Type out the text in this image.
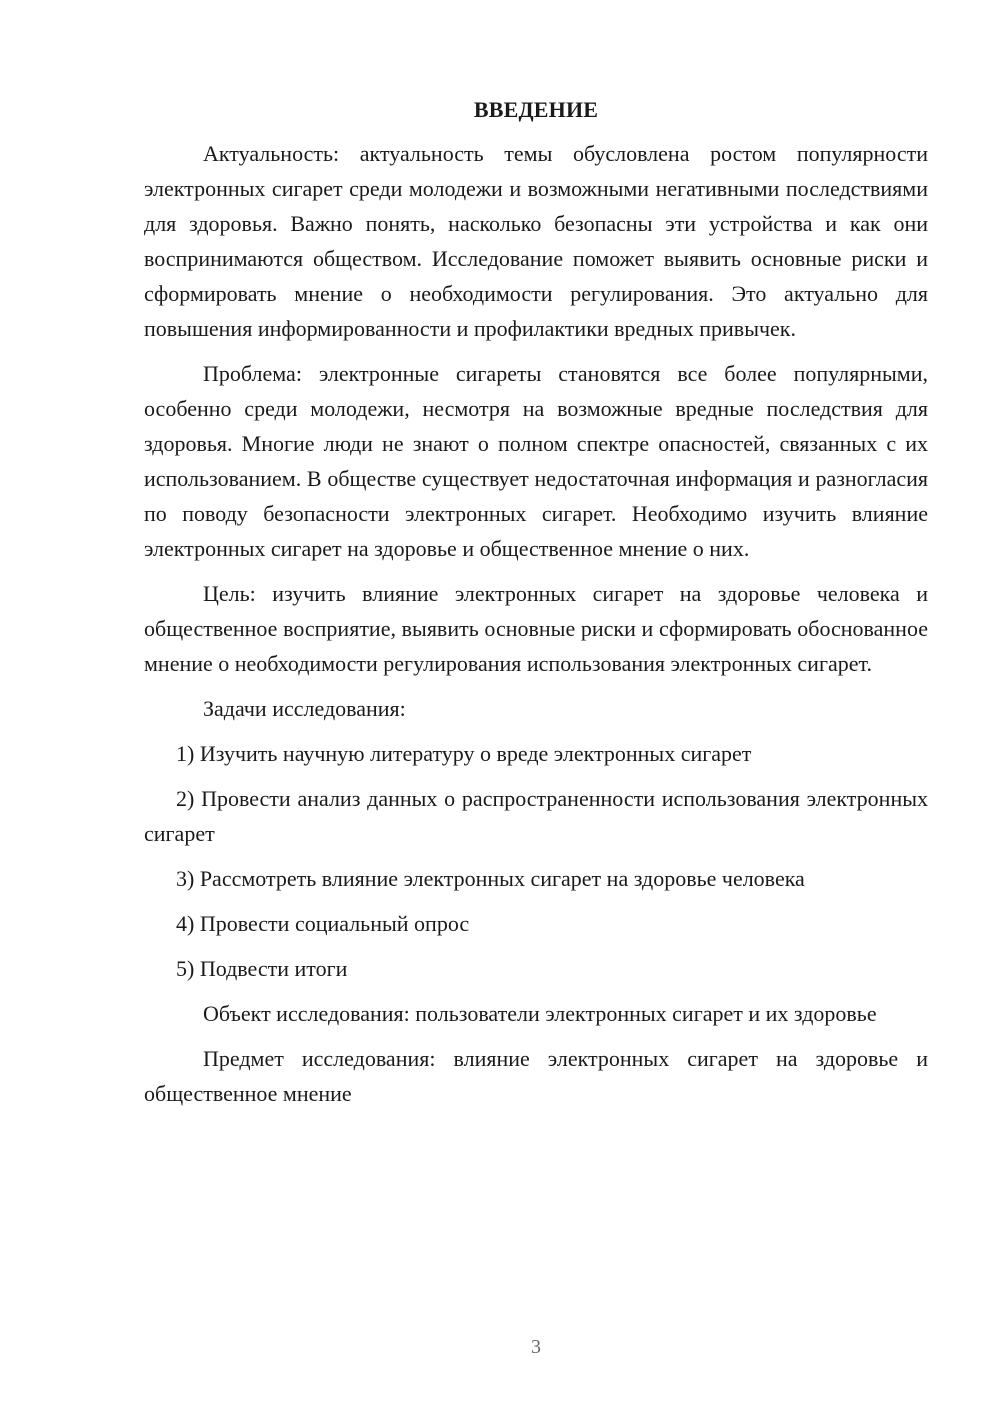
ВВЕДЕНИЕ

Актуальность: актуальность темы обусловлена ростом популярности электронных сигарет среди молодежи и возможными негативными последствиями для здоровья. Важно понять, насколько безопасны эти устройства и как они воспринимаются обществом. Исследование поможет выявить основные риски и сформировать мнение о необходимости регулирования. Это актуально для повышения информированности и профилактики вредных привычек.

Проблема: электронные сигареты становятся все более популярными, особенно среди молодежи, несмотря на возможные вредные последствия для здоровья. Многие люди не знают о полном спектре опасностей, связанных с их использованием. В обществе существует недостаточная информация и разногласия по поводу безопасности электронных сигарет. Необходимо изучить влияние электронных сигарет на здоровье и общественное мнение о них.

Цель: изучить влияние электронных сигарет на здоровье человека и общественное восприятие, выявить основные риски и сформировать обоснованное мнение о необходимости регулирования использования электронных сигарет.

Задачи исследования:

1) Изучить научную литературу о вреде электронных сигарет

2) Провести анализ данных о распространенности использования электронных сигарет

3) Рассмотреть влияние электронных сигарет на здоровье человека

4) Провести социальный опрос

5) Подвести итоги

Объект исследования: пользователи электронных сигарет и их здоровье

Предмет исследования: влияние электронных сигарет на здоровье и общественное мнение

3
